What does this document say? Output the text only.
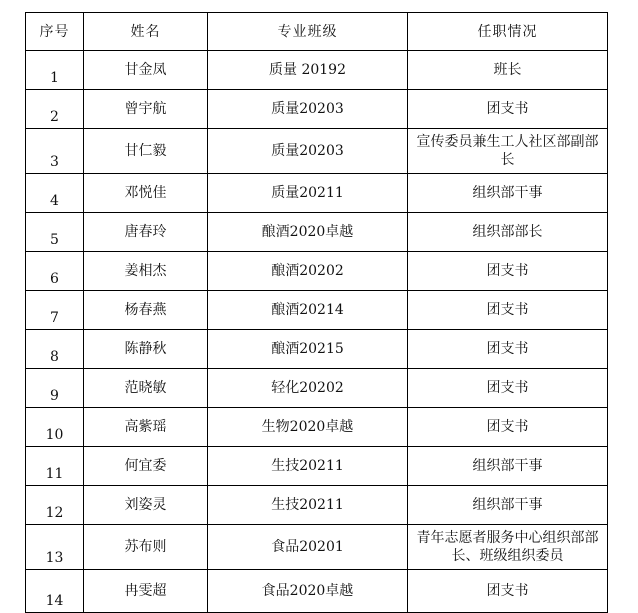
序号	姓名	专业班级	任职情况
1	甘金凤	质量 20192	班长
2	曾宇航	质量20203	团支书
3	甘仁毅	质量20203	宣传委员兼生工人社区部副部长
4	邓悦佳	质量20211	组织部干事
5	唐春玲	酿酒2020卓越	组织部部长
6	姜相杰	酿酒20202	团支书
7	杨春燕	酿酒20214	团支书
8	陈静秋	酿酒20215	团支书
9	范晓敏	轻化20202	团支书
10	高紫瑶	生物2020卓越	团支书
11	何宜委	生技20211	组织部干事
12	刘姿灵	生技20211	组织部干事
13	苏布则	食品20201	青年志愿者服务中心组织部部长、班级组织委员
14	冉雯超	食品2020卓越	团支书
